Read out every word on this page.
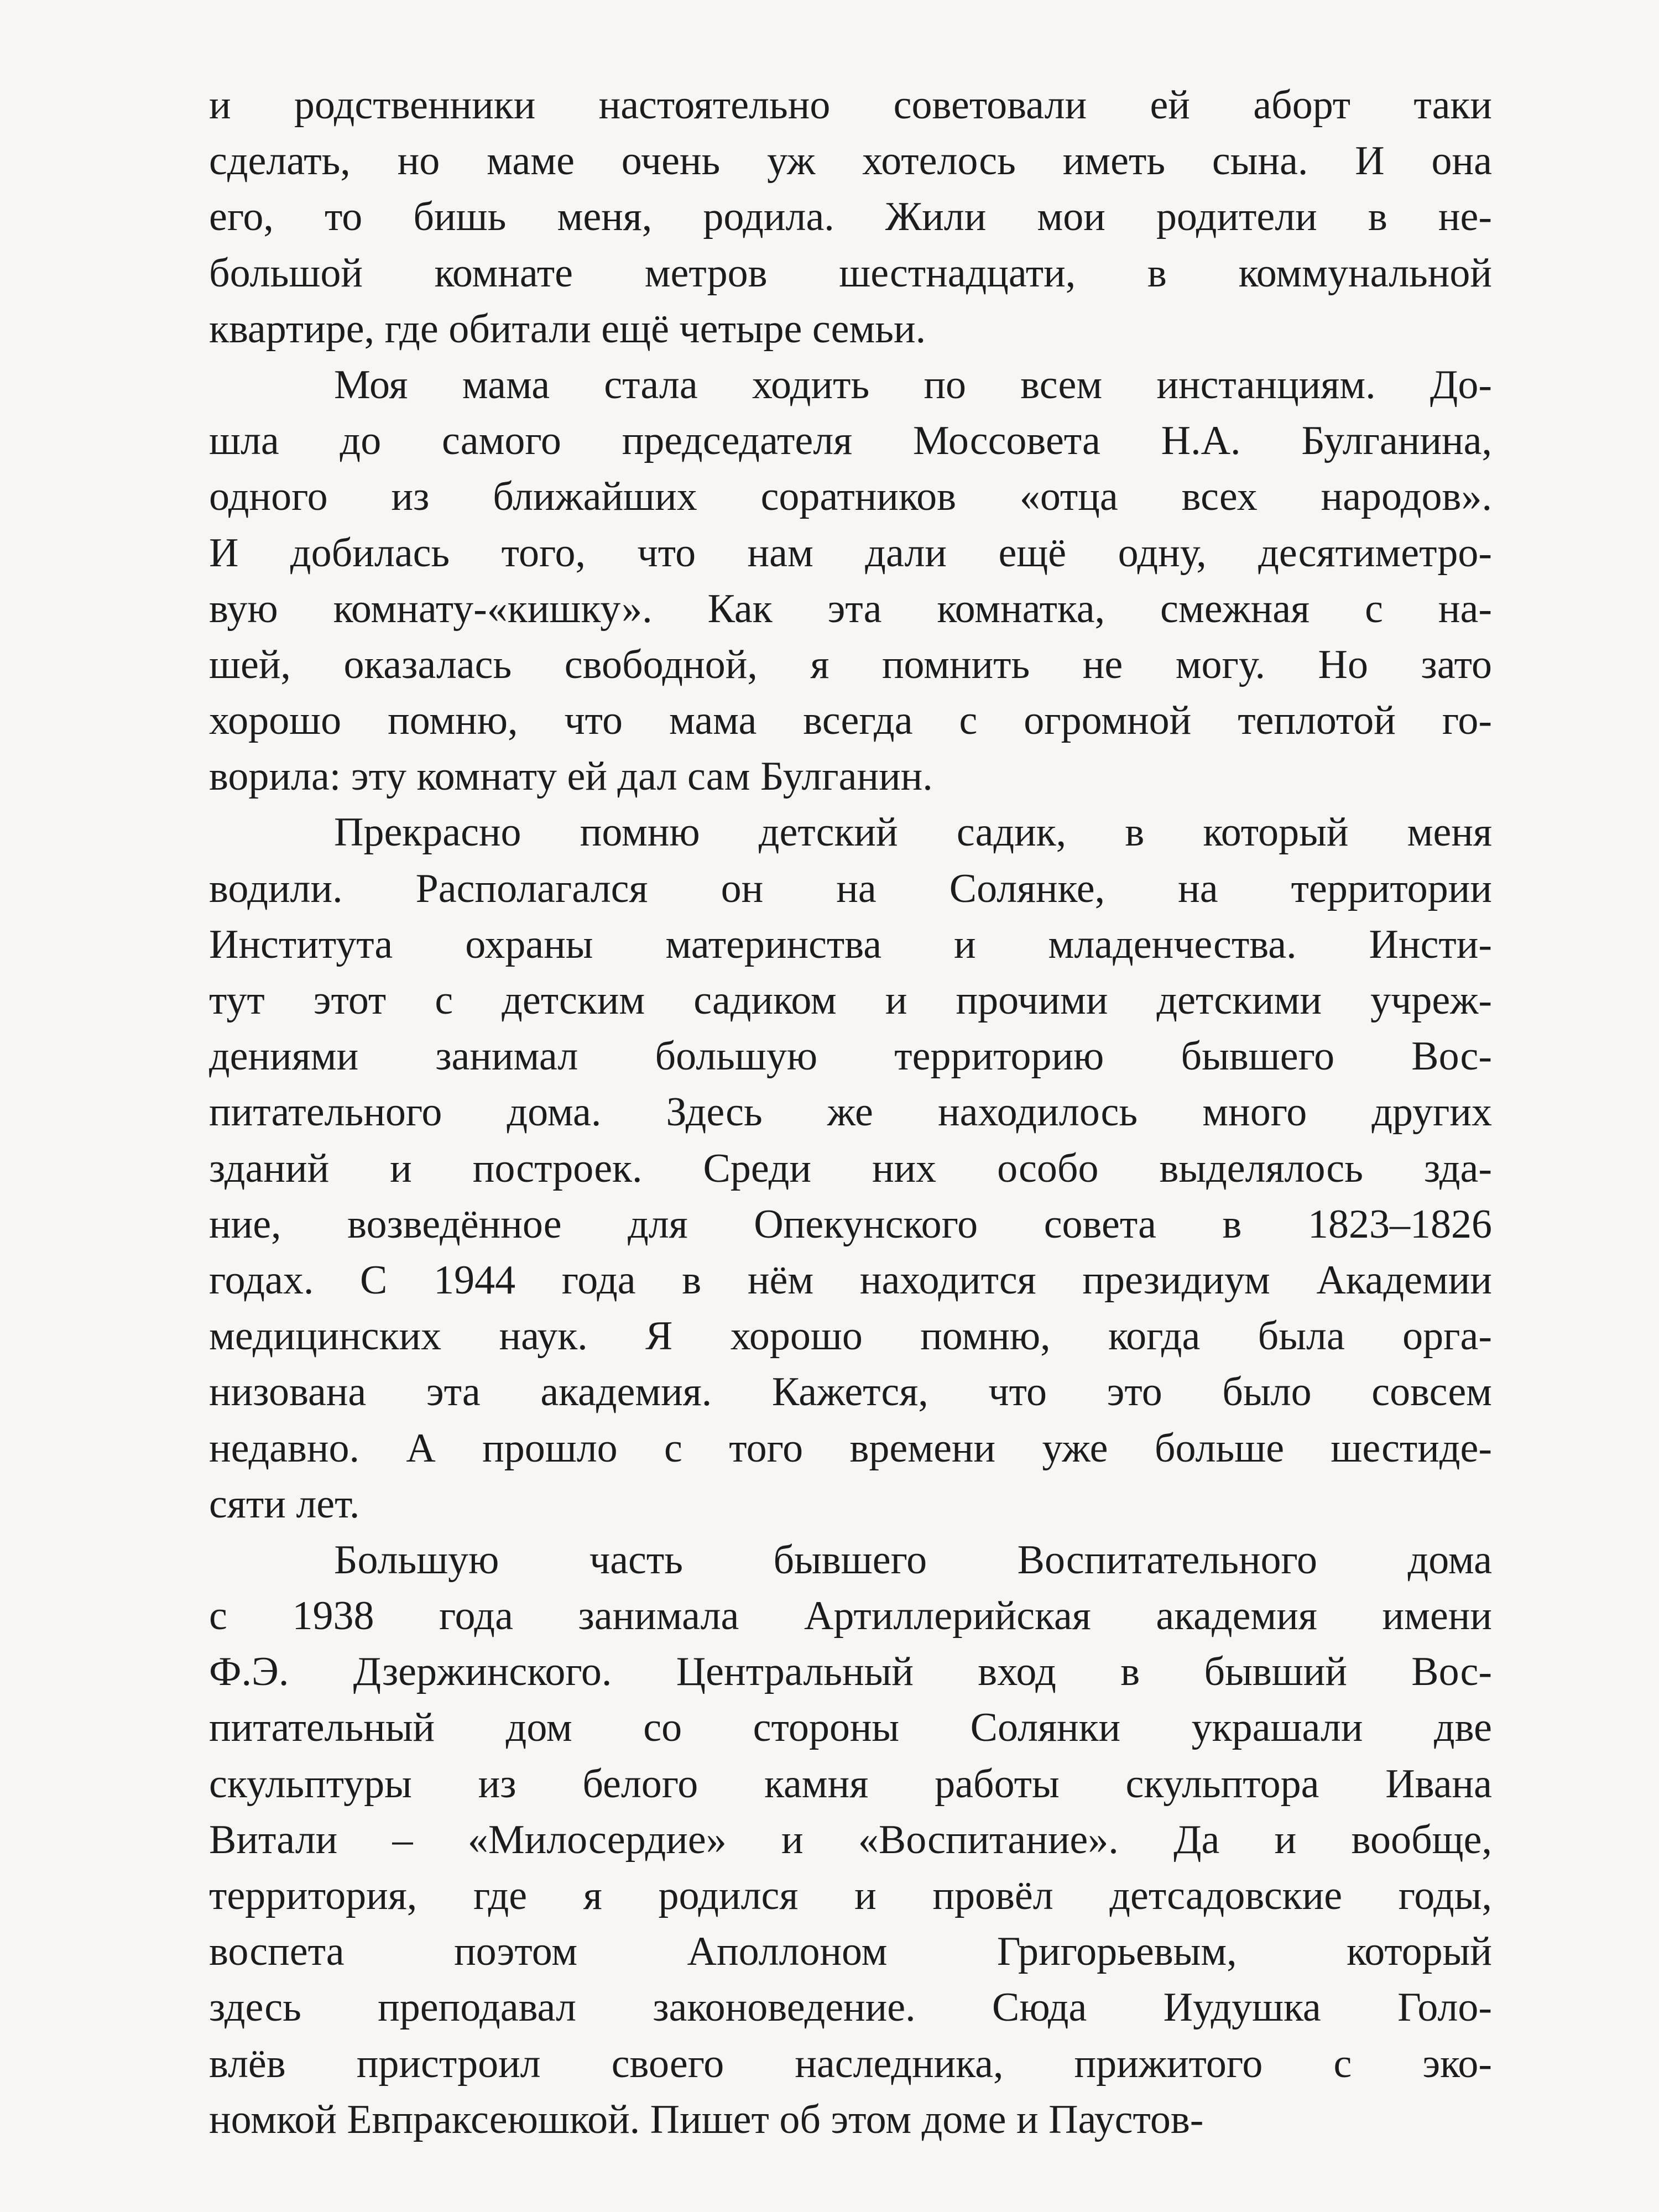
и родственники настоятельно советовали ей аборт таки
сделать, но маме очень уж хотелось иметь сына. И она
его, то бишь меня, родила. Жили мои родители в не-
большой комнате метров шестнадцати, в коммунальной
квартире, где обитали ещё четыре семьи.
Моя мама стала ходить по всем инстанциям. До-
шла до самого председателя Моссовета Н.А. Булганина,
одного из ближайших соратников «отца всех народов».
И добилась того, что нам дали ещё одну, десятиметро-
вую комнату-«кишку». Как эта комнатка, смежная с на-
шей, оказалась свободной, я помнить не могу. Но зато
хорошо помню, что мама всегда с огромной теплотой го-
ворила: эту комнату ей дал сам Булганин.
Прекрасно помню детский садик, в который меня
водили. Располагался он на Солянке, на территории
Института охраны материнства и младенчества. Инсти-
тут этот с детским садиком и прочими детскими учреж-
дениями занимал большую территорию бывшего Вос-
питательного дома. Здесь же находилось много других
зданий и построек. Среди них особо выделялось зда-
ние, возведённое для Опекунского совета в 1823–1826
годах. С 1944 года в нём находится президиум Академии
медицинских наук. Я хорошо помню, когда была орга-
низована эта академия. Кажется, что это было совсем
недавно. А прошло с того времени уже больше шестиде-
сяти лет.
Большую часть бывшего Воспитательного дома
с 1938 года занимала Артиллерийская академия имени
Ф.Э. Дзержинского. Центральный вход в бывший Вос-
питательный дом со стороны Солянки украшали две
скульптуры из белого камня работы скульптора Ивана
Витали – «Милосердие» и «Воспитание». Да и вообще,
территория, где я родился и провёл детсадовские годы,
воспета поэтом Аполлоном Григорьевым, который
здесь преподавал законоведение. Сюда Иудушка Голо-
влёв пристроил своего наследника, прижитого с эко-
номкой Евпраксеюшкой. Пишет об этом доме и Паустов-
